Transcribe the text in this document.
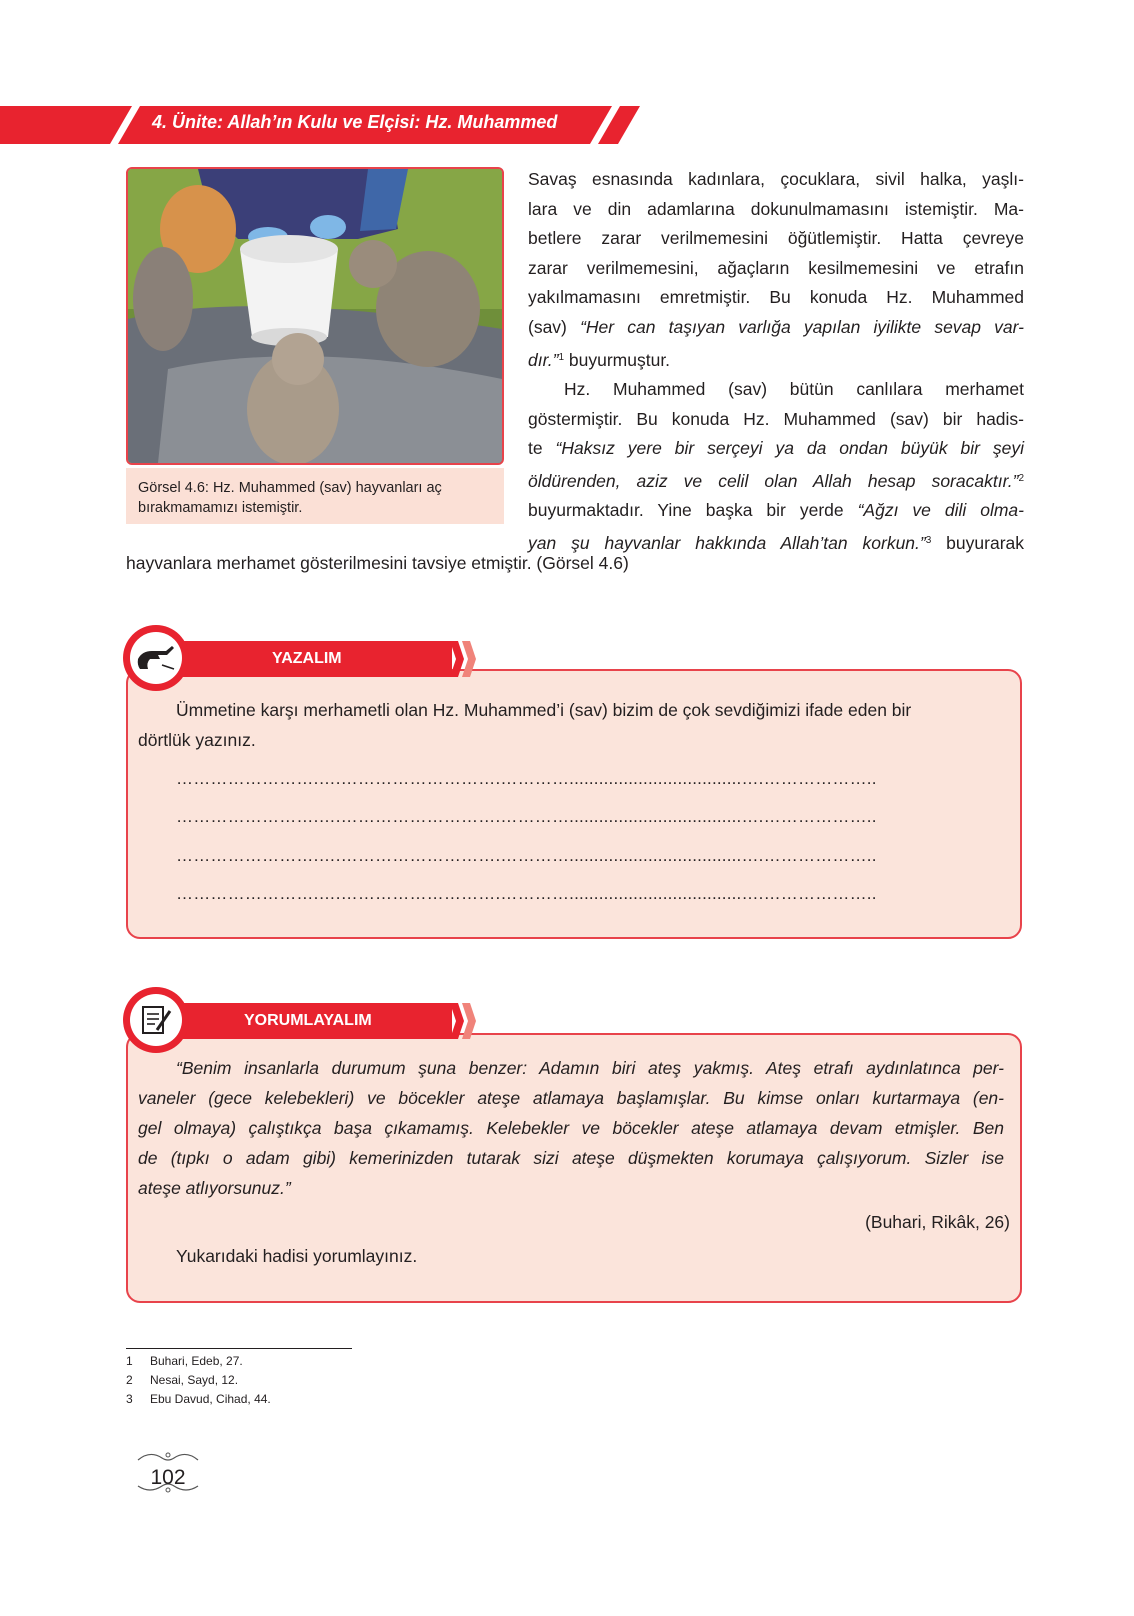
4. Ünite: Allah’ın Kulu ve Elçisi: Hz. Muhammed
Görsel 4.6: Hz. Muhammed (sav) hayvanları aç
bırakmamamızı istemiştir.
Savaş esnasında kadınlara, çocuklara, sivil halka, yaşlı-
lara ve din adamlarına dokunulmamasını istemiştir. Ma-
betlere zarar verilmemesini öğütlemiştir. Hatta çevreye
zarar verilmemesini, ağaçların kesilmemesini ve etrafın
yakılmamasını emretmiştir. Bu konuda Hz. Muhammed
(sav) “Her can taşıyan varlığa yapılan iyilikte sevap var-
dır.”$^1$ buyurmuştur.
Hz. Muhammed (sav) bütün canlılara merhamet
göstermiştir. Bu konuda Hz. Muhammed (sav) bir hadis-
te “Haksız yere bir serçeyi ya da ondan büyük bir şeyi
öldürenden, aziz ve celil olan Allah hesap soracaktır.”$^2$
buyurmaktadır. Yine başka bir yerde “Ağzı ve dili olma-
yan şu hayvanlar hakkında Allah’tan korkun.”$^3$ buyurarak
hayvanlara merhamet gösterilmesini tavsiye etmiştir. (Görsel 4.6)
Ümmetine karşı merhametli olan Hz. Muhammed’i (sav) bizim de çok sevdiğimizi ifade eden bir
dörtlük yazınız.
…………………….….……………………….…………...................................….………………..
…………………….….……………………….…………...................................….………………..
…………………….….……………………….…………...................................….………………..
…………………….….……………………….…………...................................….………………..
YAZALIM
“Benim insanlarla durumum şuna benzer: Adamın biri ateş yakmış. Ateş etrafı aydınlatınca per-
vaneler (gece kelebekleri) ve böcekler ateşe atlamaya başlamışlar. Bu kimse onları kurtarmaya (en-
gel olmaya) çalıştıkça başa çıkamamış. Kelebekler ve böcekler ateşe atlamaya devam etmişler. Ben
de (tıpkı o adam gibi) kemerinizden tutarak sizi ateşe düşmekten korumaya çalışıyorum. Sizler ise
ateşe atlıyorsunuz.”
(Buhari, Rikâk, 26)
Yukarıdaki hadisi yorumlayınız.
YORUMLAYALIM
1 Buhari, Edeb, 27.
2 Nesai, Sayd, 12.
3 Ebu Davud, Cihad, 44.
102
